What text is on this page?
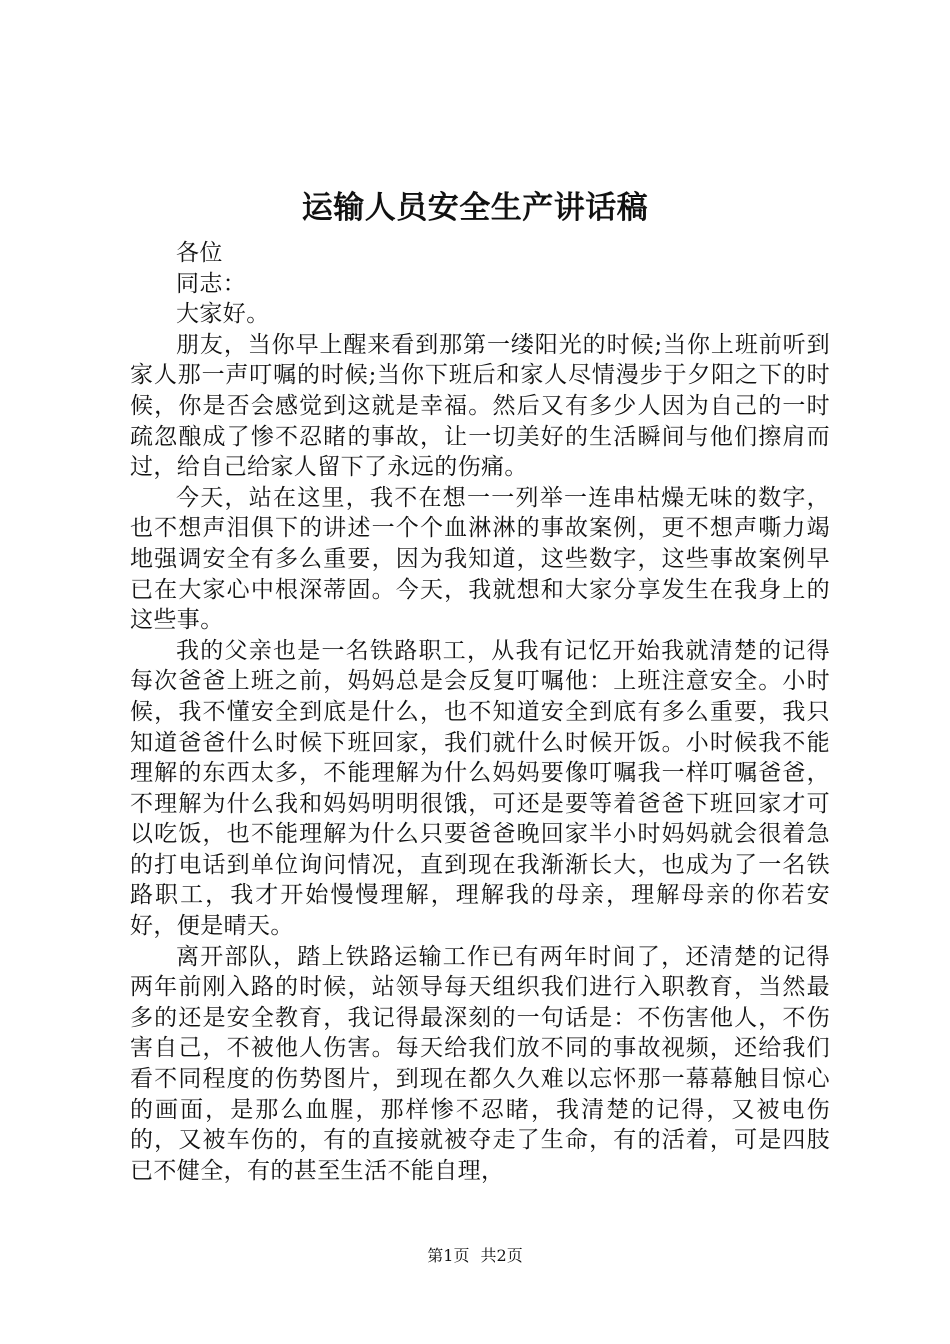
运输人员安全生产讲话稿

各位

同志：

大家好。

朋友，当你早上醒来看到那第一缕阳光的时候;当你上班前听到家人那一声叮嘱的时候;当你下班后和家人尽情漫步于夕阳之下的时候，你是否会感觉到这就是幸福。然后又有多少人因为自己的一时疏忽酿成了惨不忍睹的事故，让一切美好的生活瞬间与他们擦肩而过，给自己给家人留下了永远的伤痛。

今天，站在这里，我不在想一一列举一连串枯燥无味的数字，也不想声泪俱下的讲述一个个血淋淋的事故案例，更不想声嘶力竭地强调安全有多么重要，因为我知道，这些数字，这些事故案例早已在大家心中根深蒂固。今天，我就想和大家分享发生在我身上的这些事。

我的父亲也是一名铁路职工，从我有记忆开始我就清楚的记得每次爸爸上班之前，妈妈总是会反复叮嘱他：上班注意安全。小时候，我不懂安全到底是什么，也不知道安全到底有多么重要，我只知道爸爸什么时候下班回家，我们就什么时候开饭。小时候我不能理解的东西太多，不能理解为什么妈妈要像叮嘱我一样叮嘱爸爸，不理解为什么我和妈妈明明很饿，可还是要等着爸爸下班回家才可以吃饭，也不能理解为什么只要爸爸晚回家半小时妈妈就会很着急的打电话到单位询问情况，直到现在我渐渐长大，也成为了一名铁路职工，我才开始慢慢理解，理解我的母亲，理解母亲的你若安好，便是晴天。

离开部队，踏上铁路运输工作已有两年时间了，还清楚的记得两年前刚入路的时候，站领导每天组织我们进行入职教育，当然最多的还是安全教育，我记得最深刻的一句话是：不伤害他人，不伤害自己，不被他人伤害。每天给我们放不同的事故视频，还给我们看不同程度的伤势图片，到现在都久久难以忘怀那一幕幕触目惊心的画面，是那么血腥，那样惨不忍睹，我清楚的记得，又被电伤的，又被车伤的，有的直接就被夺走了生命，有的活着，可是四肢已不健全，有的甚至生活不能自理，

第1页 共2页
